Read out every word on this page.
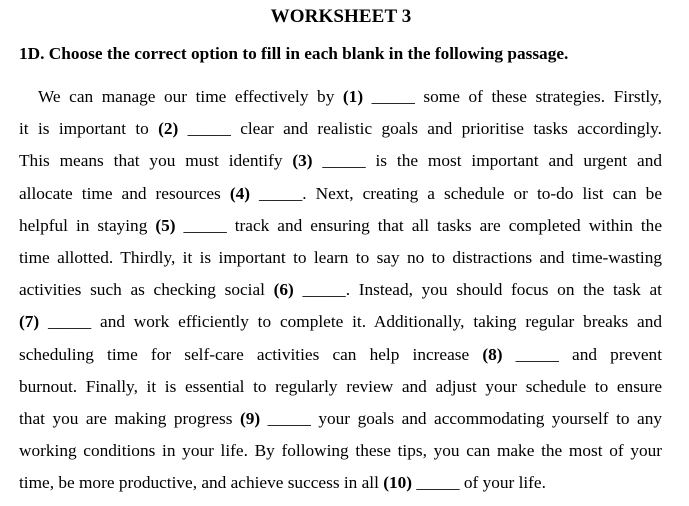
WORKSHEET 3
1D. Choose the correct option to fill in each blank in the following passage.
We can manage our time effectively by (1) _____ some of these strategies. Firstly,
it is important to (2) _____ clear and realistic goals and prioritise tasks accordingly.
This means that you must identify (3) _____ is the most important and urgent and
allocate time and resources (4) _____. Next, creating a schedule or to-do list can be
helpful in staying (5) _____ track and ensuring that all tasks are completed within the
time allotted. Thirdly, it is important to learn to say no to distractions and time-wasting
activities such as checking social (6) _____. Instead, you should focus on the task at
(7) _____ and work efficiently to complete it. Additionally, taking regular breaks and
scheduling time for self-care activities can help increase (8) _____ and prevent
burnout. Finally, it is essential to regularly review and adjust your schedule to ensure
that you are making progress (9) _____ your goals and accommodating yourself to any
working conditions in your life. By following these tips, you can make the most of your
time, be more productive, and achieve success in all (10) _____ of your life.
